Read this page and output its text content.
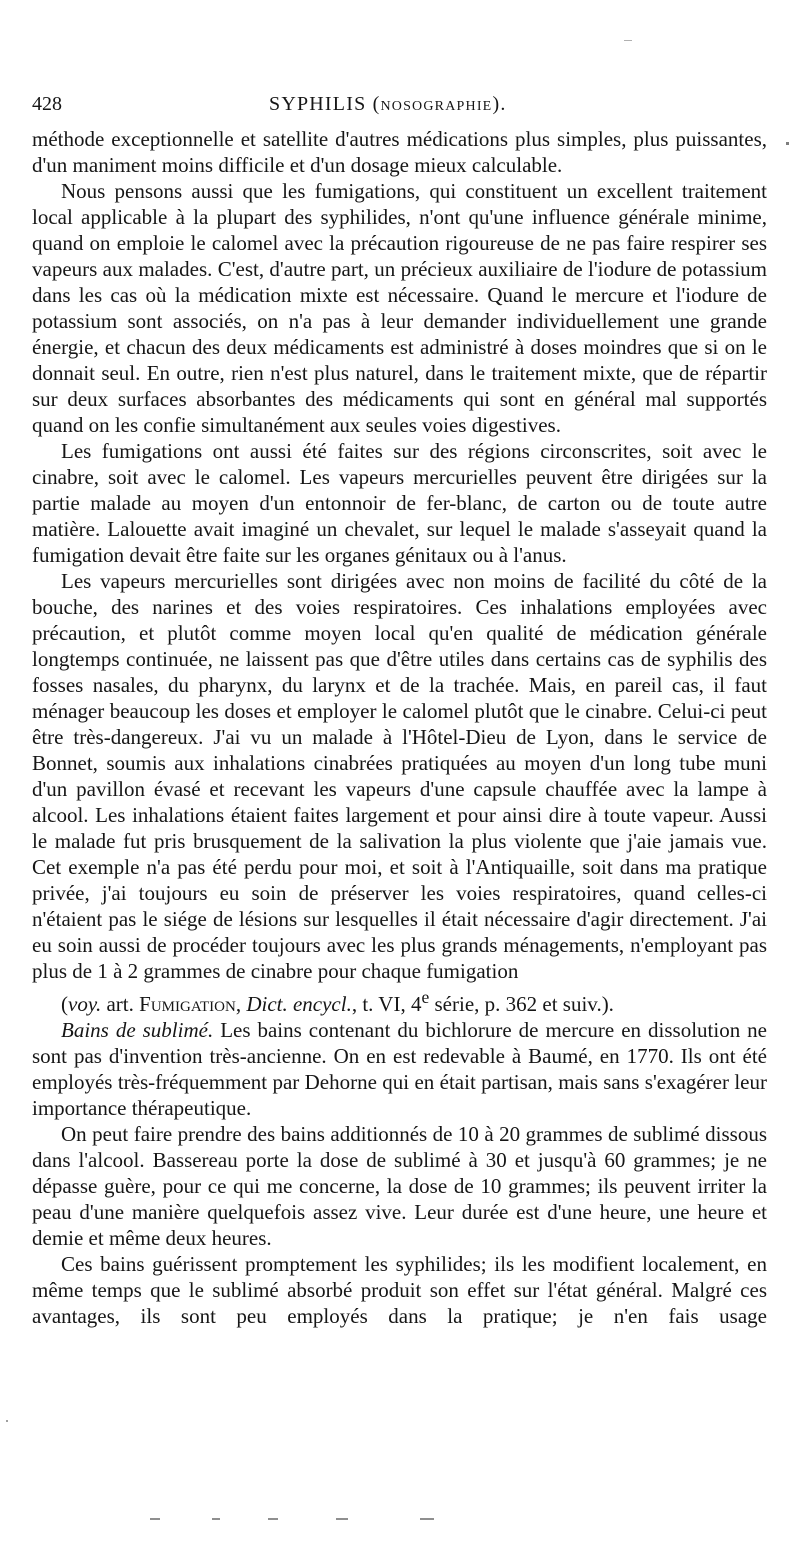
428	SYPHILIS (nosographie).

méthode exceptionnelle et satellite d'autres médications plus simples, plus puissantes, d'un maniment moins difficile et d'un dosage mieux calculable.

Nous pensons aussi que les fumigations, qui constituent un excellent traitement local applicable à la plupart des syphilides, n'ont qu'une influence générale minime, quand on emploie le calomel avec la précaution rigoureuse de ne pas faire respirer ses vapeurs aux malades. C'est, d'autre part, un précieux auxiliaire de l'iodure de potassium dans les cas où la médication mixte est nécessaire. Quand le mercure et l'iodure de potassium sont associés, on n'a pas à leur demander individuellement une grande énergie, et chacun des deux médicaments est administré à doses moindres que si on le donnait seul. En outre, rien n'est plus naturel, dans le traitement mixte, que de répartir sur deux surfaces absorbantes des médicaments qui sont en général mal supportés quand on les confie simultanément aux seules voies digestives.

Les fumigations ont aussi été faites sur des régions circonscrites, soit avec le cinabre, soit avec le calomel. Les vapeurs mercurielles peuvent être dirigées sur la partie malade au moyen d'un entonnoir de fer-blanc, de carton ou de toute autre matière. Lalouette avait imaginé un chevalet, sur lequel le malade s'asseyait quand la fumigation devait être faite sur les organes génitaux ou à l'anus.

Les vapeurs mercurielles sont dirigées avec non moins de facilité du côté de la bouche, des narines et des voies respiratoires. Ces inhalations employées avec précaution, et plutôt comme moyen local qu'en qualité de médication générale longtemps continuée, ne laissent pas que d'être utiles dans certains cas de syphilis des fosses nasales, du pharynx, du larynx et de la trachée. Mais, en pareil cas, il faut ménager beaucoup les doses et employer le calomel plutôt que le cinabre. Celui-ci peut être très-dangereux. J'ai vu un malade à l'Hôtel-Dieu de Lyon, dans le service de Bonnet, soumis aux inhalations cinabrées pratiquées au moyen d'un long tube muni d'un pavillon évasé et recevant les vapeurs d'une capsule chauffée avec la lampe à alcool. Les inhalations étaient faites largement et pour ainsi dire à toute vapeur. Aussi le malade fut pris brusquement de la salivation la plus violente que j'aie jamais vue. Cet exemple n'a pas été perdu pour moi, et soit à l'Antiquaille, soit dans ma pratique privée, j'ai toujours eu soin de préserver les voies respiratoires, quand celles-ci n'étaient pas le siége de lésions sur lesquelles il était nécessaire d'agir directement. J'ai eu soin aussi de procéder toujours avec les plus grands ménagements, n'employant pas plus de 1 à 2 grammes de cinabre pour chaque fumigation
(voy. art. Fumigation, Dict. encycl., t. VI, 4e série, p. 362 et suiv.).

Bains de sublimé. Les bains contenant du bichlorure de mercure en dissolution ne sont pas d'invention très-ancienne. On en est redevable à Baumé, en 1770. Ils ont été employés très-fréquemment par Dehorne qui en était partisan, mais sans s'exagérer leur importance thérapeutique.

On peut faire prendre des bains additionnés de 10 à 20 grammes de sublimé dissous dans l'alcool. Bassereau porte la dose de sublimé à 30 et jusqu'à 60 grammes; je ne dépasse guère, pour ce qui me concerne, la dose de 10 grammes; ils peuvent irriter la peau d'une manière quelquefois assez vive. Leur durée est d'une heure, une heure et demie et même deux heures.

Ces bains guérissent promptement les syphilides; ils les modifient localement, en même temps que le sublimé absorbé produit son effet sur l'état général. Malgré ces avantages, ils sont peu employés dans la pratique; je n'en fais usage
